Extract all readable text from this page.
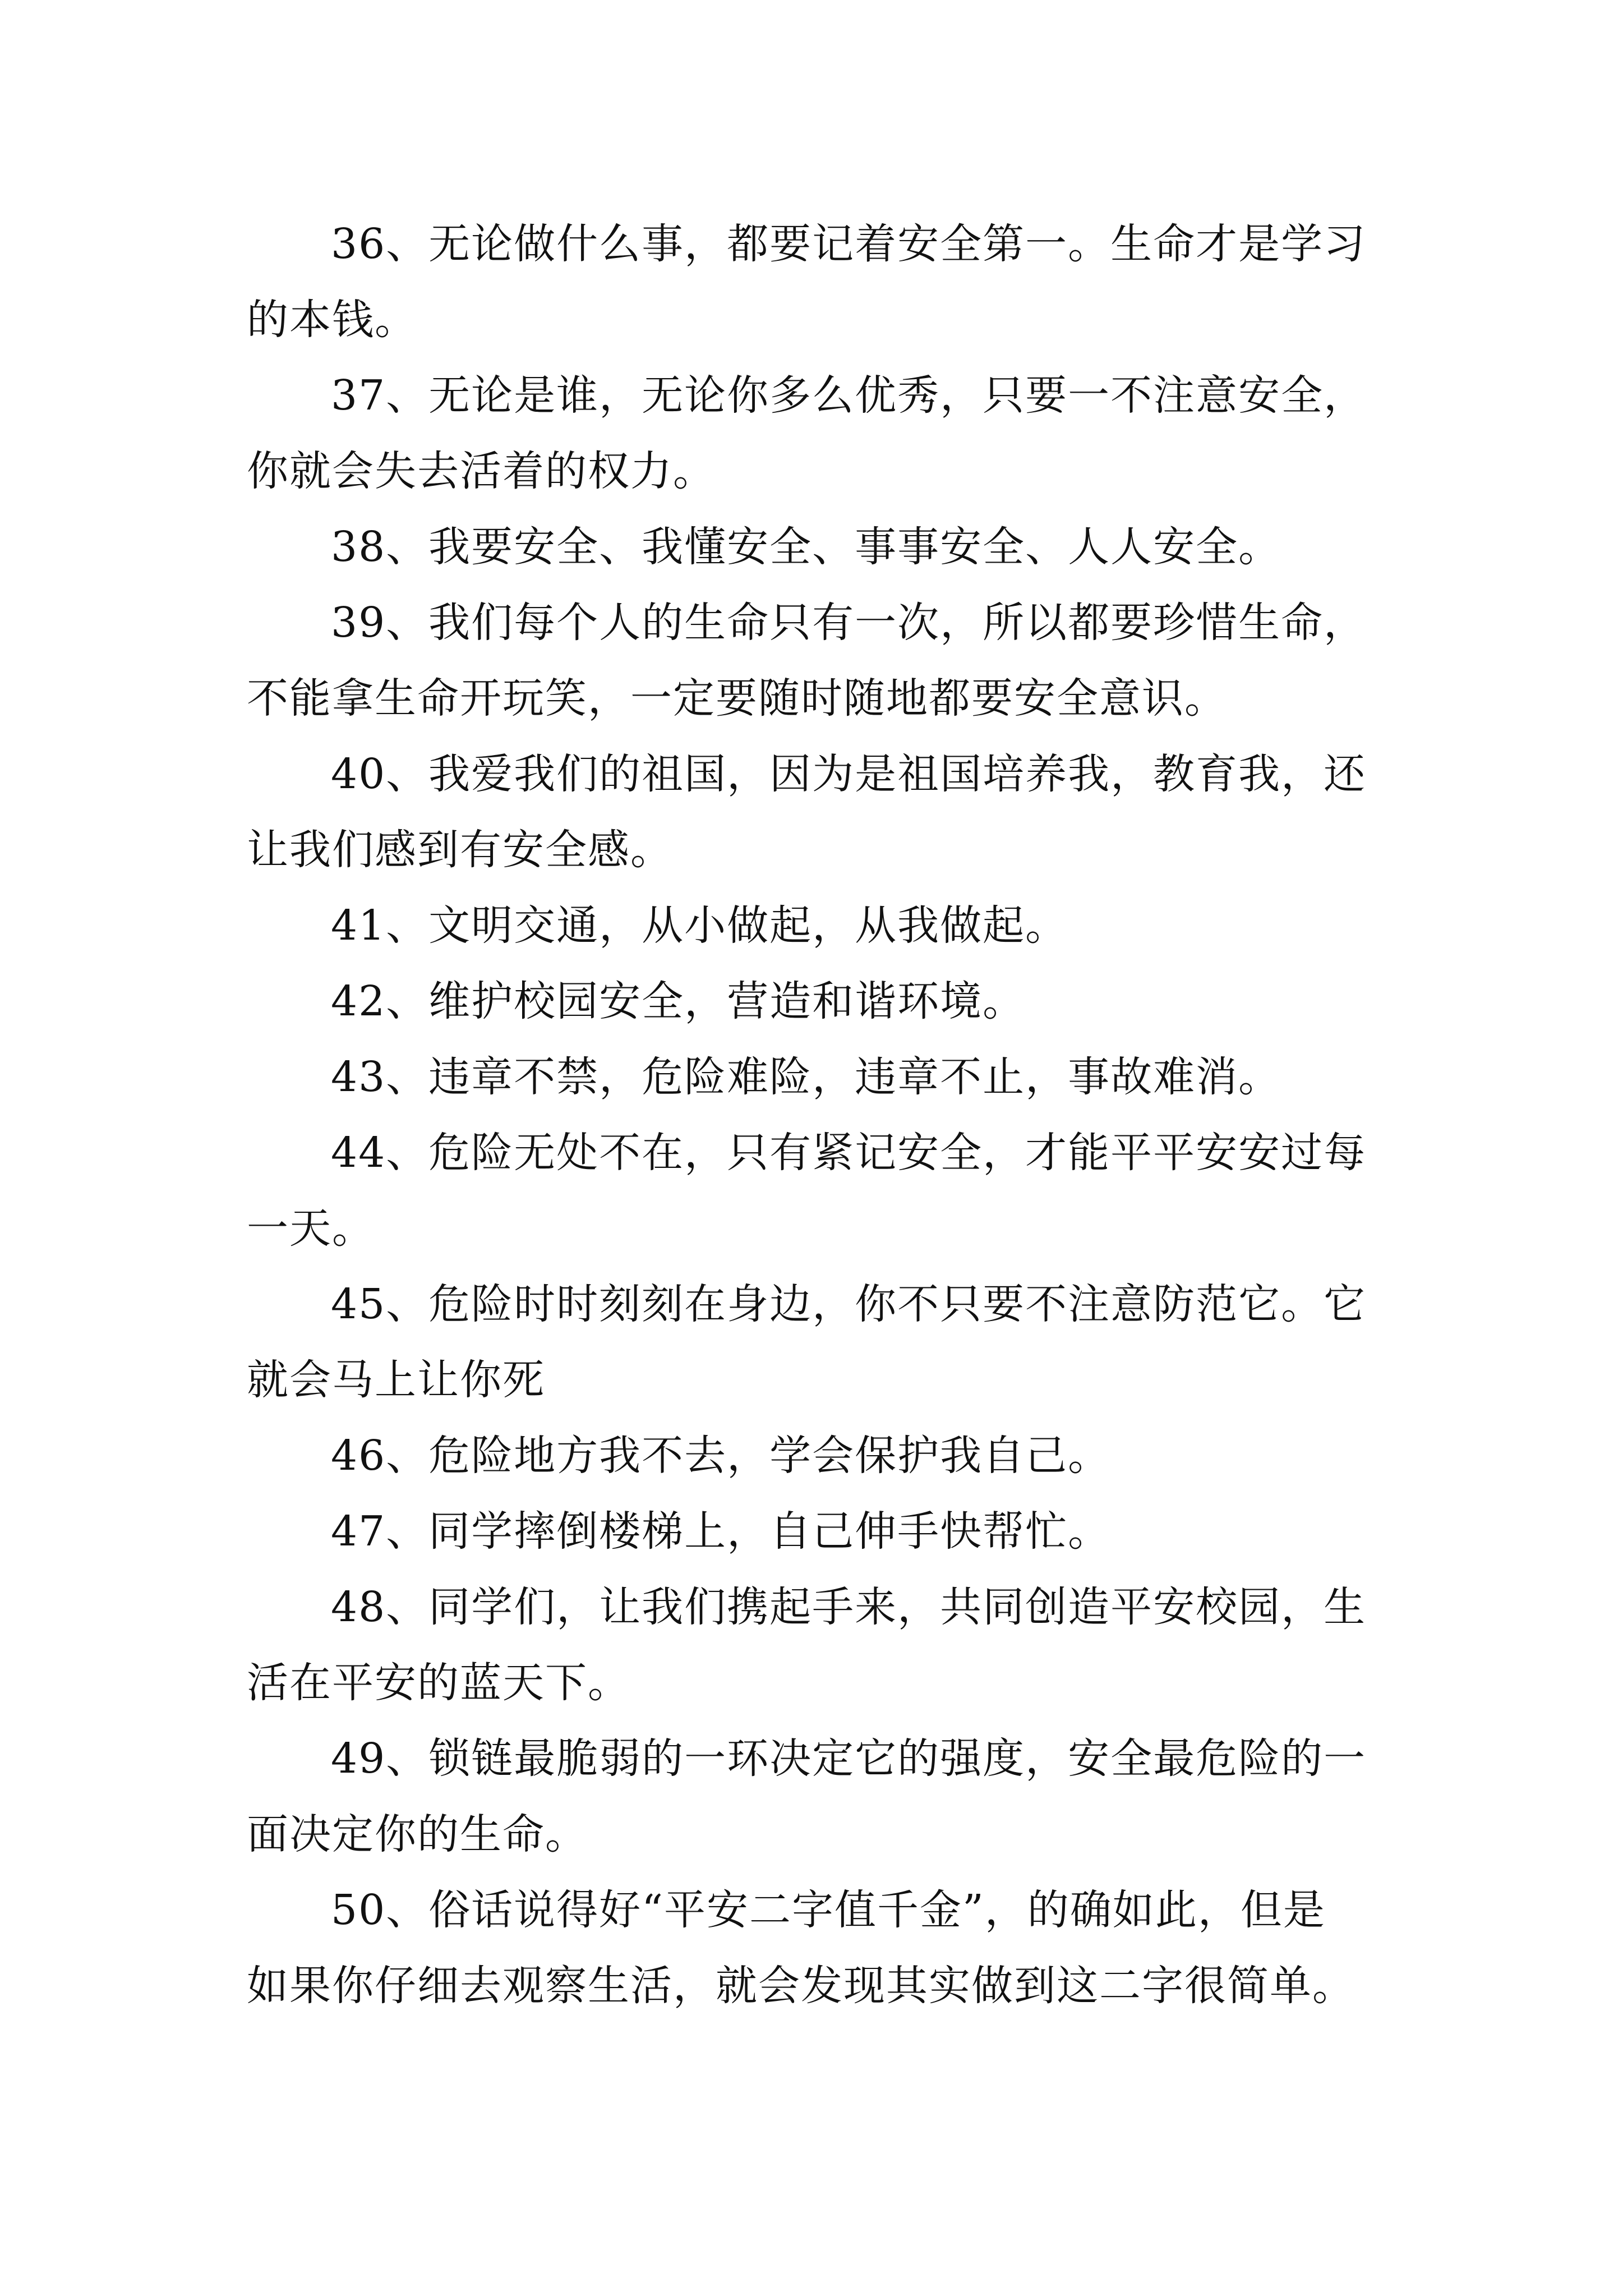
36、无论做什么事，都要记着安全第一。生命才是学习

的本钱。

37、无论是谁，无论你多么优秀，只要一不注意安全，

你就会失去活着的权力。

38、我要安全、我懂安全、事事安全、人人安全。

39、我们每个人的生命只有一次，所以都要珍惜生命，

不能拿生命开玩笑，一定要随时随地都要安全意识。

40、我爱我们的祖国，因为是祖国培养我，教育我，还

让我们感到有安全感。

41、文明交通，从小做起，从我做起。

42、维护校园安全，营造和谐环境。

43、违章不禁，危险难险，违章不止，事故难消。

44、危险无处不在，只有紧记安全，才能平平安安过每

一天。

45、危险时时刻刻在身边，你不只要不注意防范它。它

就会马上让你死

46、危险地方我不去，学会保护我自己。

47、同学摔倒楼梯上，自己伸手快帮忙。

48、同学们，让我们携起手来，共同创造平安校园，生

活在平安的蓝天下。

49、锁链最脆弱的一环决定它的强度，安全最危险的一

面决定你的生命。

50、俗话说得好“平安二字值千金”，的确如此，但是

如果你仔细去观察生活，就会发现其实做到这二字很简单。
